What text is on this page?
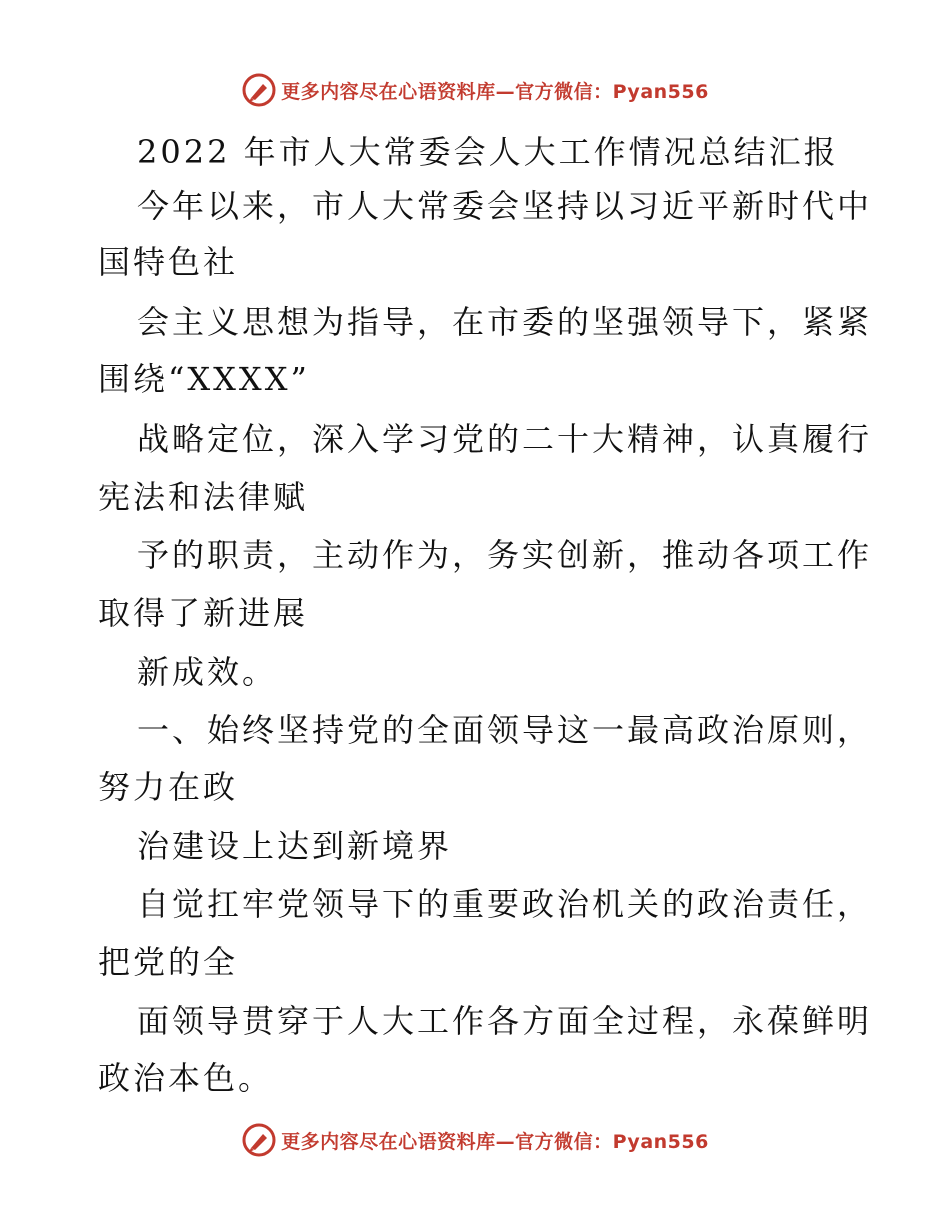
更多内容尽在心语资料库—官方微信：Pyan556
2022 年市人大常委会人大工作情况总结汇报
今年以来，市人大常委会坚持以习近平新时代中
国特色社
会主义思想为指导，在市委的坚强领导下，紧紧
围绕“XXXX”
战略定位，深入学习党的二十大精神，认真履行
宪法和法律赋
予的职责，主动作为，务实创新，推动各项工作
取得了新进展
新成效。
一、始终坚持党的全面领导这一最高政治原则，
努力在政
治建设上达到新境界
自觉扛牢党领导下的重要政治机关的政治责任，
把党的全
面领导贯穿于人大工作各方面全过程，永葆鲜明
政治本色。
更多内容尽在心语资料库—官方微信：Pyan556
